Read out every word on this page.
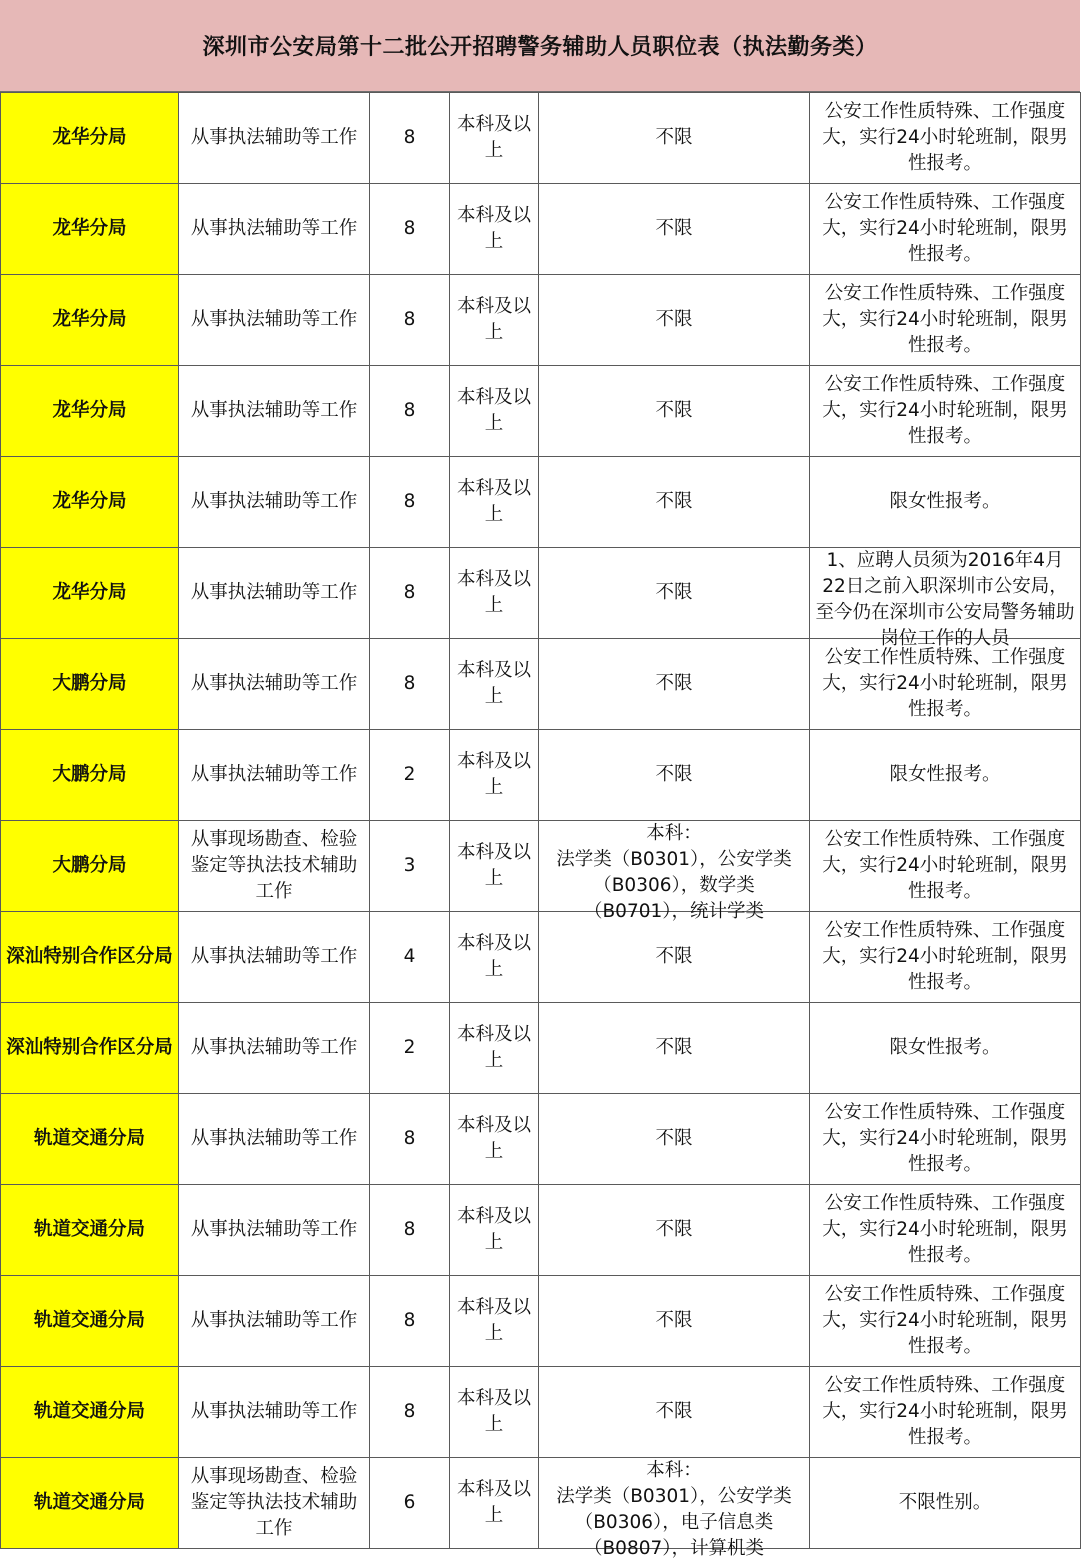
深圳市公安局第十二批公开招聘警务辅助人员职位表（执法勤务类）
龙华分局	从事执法辅助等工作	8	本科及以上	不限	公安工作性质特殊、工作强度大，实行24小时轮班制，限男性报考。

龙华分局	从事执法辅助等工作	8	本科及以上	不限	公安工作性质特殊、工作强度大，实行24小时轮班制，限男性报考。

龙华分局	从事执法辅助等工作	8	本科及以上	不限	公安工作性质特殊、工作强度大，实行24小时轮班制，限男性报考。

龙华分局	从事执法辅助等工作	8	本科及以上	不限	公安工作性质特殊、工作强度大，实行24小时轮班制，限男性报考。

龙华分局	从事执法辅助等工作	8	本科及以上	不限	限女性报考。

龙华分局	从事执法辅助等工作	8	本科及以上	不限	1、应聘人员须为2016年4月22日之前入职深圳市公安局，至今仍在深圳市公安局警务辅助岗位工作的人员

大鹏分局	从事执法辅助等工作	8	本科及以上	不限	公安工作性质特殊、工作强度大，实行24小时轮班制，限男性报考。

大鹏分局	从事执法辅助等工作	2	本科及以上	不限	限女性报考。

大鹏分局	从事现场勘查、检验鉴定等执法技术辅助工作	3	本科及以上	本科：
法学类（B0301），公安学类（B0306），数学类（B0701），统计学类	公安工作性质特殊、工作强度大，实行24小时轮班制，限男性报考。

深汕特别合作区分局	从事执法辅助等工作	4	本科及以上	不限	公安工作性质特殊、工作强度大，实行24小时轮班制，限男性报考。

深汕特别合作区分局	从事执法辅助等工作	2	本科及以上	不限	限女性报考。

轨道交通分局	从事执法辅助等工作	8	本科及以上	不限	公安工作性质特殊、工作强度大，实行24小时轮班制，限男性报考。

轨道交通分局	从事执法辅助等工作	8	本科及以上	不限	公安工作性质特殊、工作强度大，实行24小时轮班制，限男性报考。

轨道交通分局	从事执法辅助等工作	8	本科及以上	不限	公安工作性质特殊、工作强度大，实行24小时轮班制，限男性报考。

轨道交通分局	从事执法辅助等工作	8	本科及以上	不限	公安工作性质特殊、工作强度大，实行24小时轮班制，限男性报考。

轨道交通分局	从事现场勘查、检验鉴定等执法技术辅助工作	6	本科及以上	本科：
法学类（B0301），公安学类（B0306），电子信息类（B0807），计算机类	不限性别。
